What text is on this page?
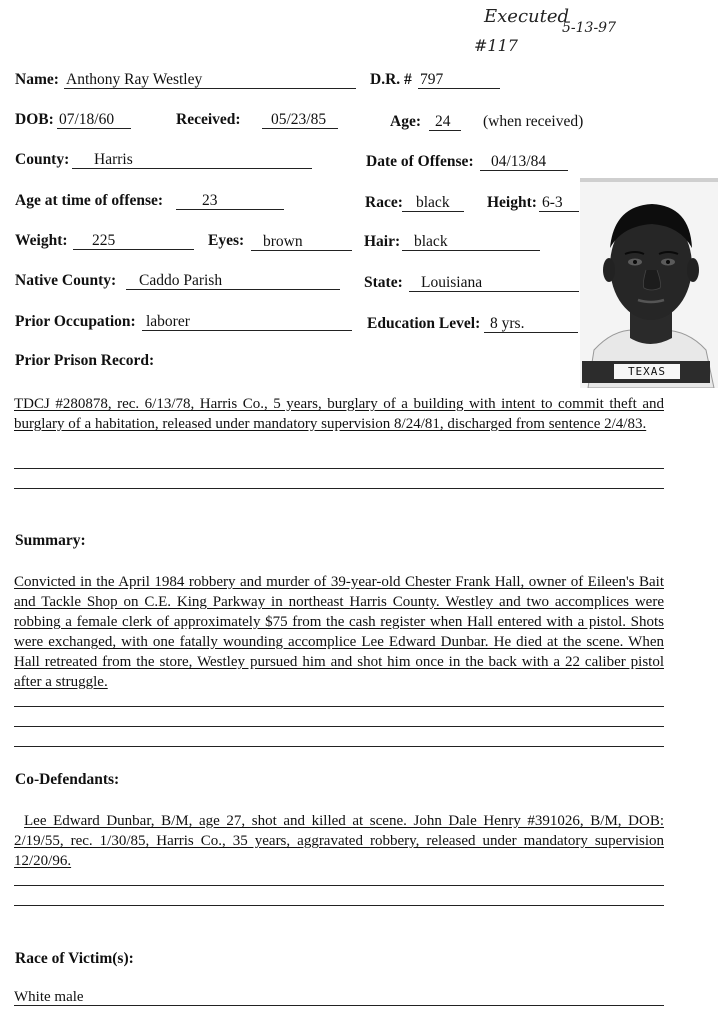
Executed
5-13-97
#117
Name: Anthony Ray Westley	D.R. # 797
DOB: 07/18/60	Received: 05/23/85	Age: 24 (when received)
County: Harris	Date of Offense: 04/13/84
Age at time of offense:	23	Race: black Height: 6-3
Weight: 225	Eyes: brown	Hair: black
Native County: Caddo Parish	State: Louisiana
Prior Occupation: laborer	Education Level: 8 yrs.
TEXAS
Prior Prison Record:
TDCJ #280878, rec. 6/13/78, Harris Co., 5 years, burglary of a building with intent to commit theft and burglary of a habitation, released under mandatory supervision 8/24/81, discharged from sentence 2/4/83.
Summary:
Convicted in the April 1984 robbery and murder of 39-year-old Chester Frank Hall, owner of Eileen's Bait and Tackle Shop on C.E. King Parkway in northeast Harris County. Westley and two accomplices were robbing a female clerk of approximately $75 from the cash register when Hall entered with a pistol. Shots were exchanged, with one fatally wounding accomplice Lee Edward Dunbar. He died at the scene. When Hall retreated from the store, Westley pursued him and shot him once in the back with a 22 caliber pistol after a struggle.
Co-Defendants:
Lee Edward Dunbar, B/M, age 27, shot and killed at scene. John Dale Henry #391026, B/M, DOB: 2/19/55, rec. 1/30/85, Harris Co., 35 years, aggravated robbery, released under mandatory supervision 12/20/96.
Race of Victim(s):
White male
